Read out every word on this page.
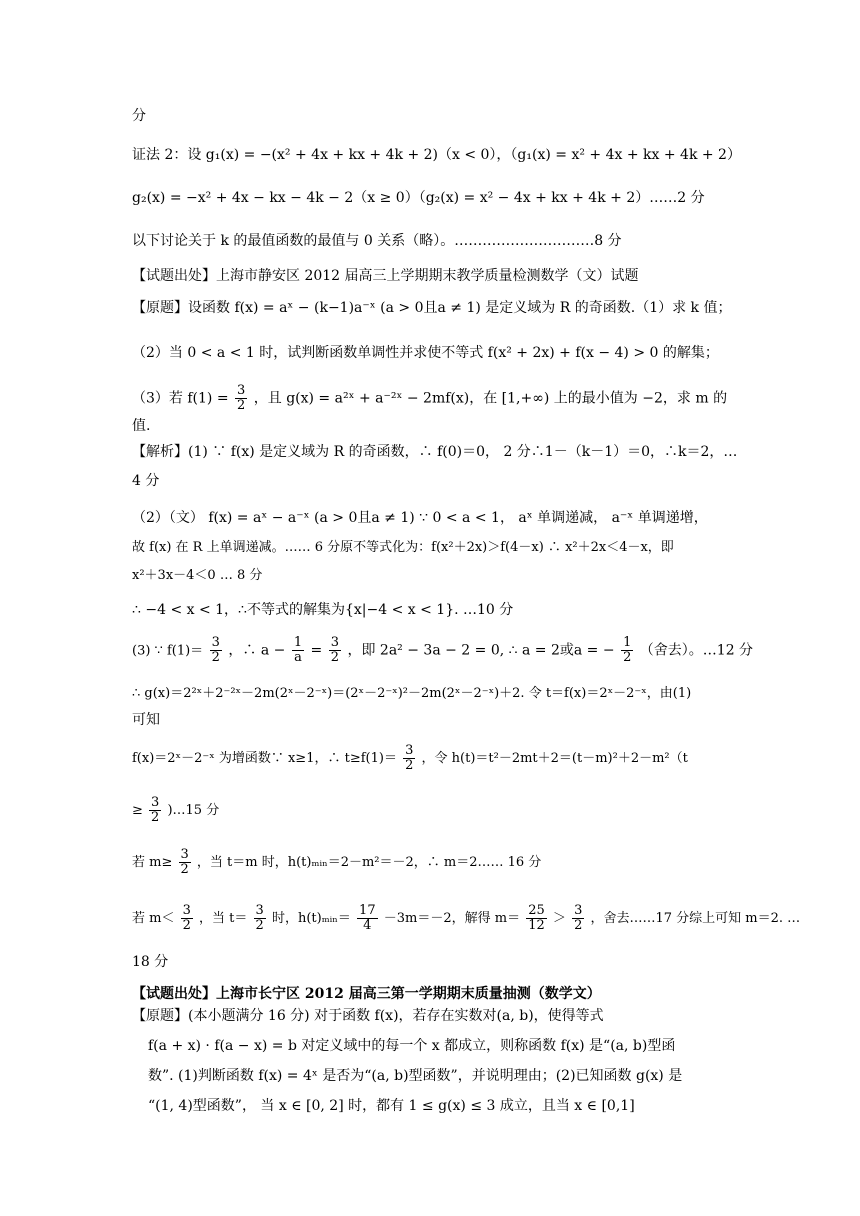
分
证法 2：设 g₁(x) = −(x² + 4x + kx + 4k + 2)（x < 0），（g₁(x) = x² + 4x + kx + 4k + 2）
g₂(x) = −x² + 4x − kx − 4k − 2（x ≥ 0）（g₂(x) = x² − 4x + kx + 4k + 2）……2 分
以下讨论关于 k 的最值函数的最值与 0 关系（略）。…………………………8 分
【试题出处】上海市静安区 2012 届高三上学期期末教学质量检测数学（文）试题
【原题】设函数 f(x) = aˣ − (k−1)a⁻ˣ (a > 0且a ≠ 1) 是定义域为 R 的奇函数.（1）求 k 值；
（2）当 0 < a < 1 时，试判断函数单调性并求使不等式 f(x² + 2x) + f(x − 4) > 0 的解集；
（3）若 $f(1) = \frac{3}{2}$ ，且 g(x) = a²ˣ + a⁻²ˣ − 2mf(x)，在 [1,+∞) 上的最小值为 −2，求 m 的
值.
【解析】(1) ∵ f(x) 是定义域为 R 的奇函数，∴ f(0)＝0， 2 分∴1－（k－1）＝0，∴k＝2，…
4 分
（2）（文） f(x) = aˣ − a⁻ˣ (a > 0且a ≠ 1) ∵ 0 < a < 1， aˣ 单调递减， a⁻ˣ 单调递增，
故 f(x) 在 R 上单调递减。…… 6 分原不等式化为：f(x²＋2x)＞f(4－x) ∴ x²＋2x＜4－x，即
x²＋3x－4＜0 … 8 分
∴ −4 < x < 1，∴不等式的解集为{x|−4 < x < 1}. …10 分
(3) ∵ $f(1)= \frac{3}{2}$ ，∴ $a - \frac{1}{a} = \frac{3}{2}$ ，即 2a² − 3a − 2 = 0, ∴ a = 2或a = − $\frac{1}{2}$ （舍去）。…12 分
∴ g(x)＝2²ˣ＋2⁻²ˣ－2m(2ˣ－2⁻ˣ)＝(2ˣ－2⁻ˣ)²－2m(2ˣ－2⁻ˣ)＋2. 令 t＝f(x)＝2ˣ－2⁻ˣ，由(1)
可知
f(x)＝2ˣ－2⁻ˣ 为增函数∵ x≥1，∴ $t\ge f(1)= \frac{3}{2}$ ，令 h(t)＝t²－2mt＋2＝(t－m)²＋2－m²（t
≥ $\frac{3}{2}$ )…15 分
若 $m\ge \frac{3}{2}$ ，当 t＝m 时，h(t)ₘᵢₙ＝2－m²＝－2，∴ m＝2…… 16 分
若 $m< \frac{3}{2}$ ，当 $t= \frac{3}{2}$ 时，h(t)ₘᵢₙ＝ $\frac{17}{4} -3m=-2$，解得 $m= \frac{25}{12} > \frac{3}{2}$ ，舍去……17 分综上可知 m＝2. …
18 分
【试题出处】上海市长宁区 2012 届高三第一学期期末质量抽测（数学文）
【原题】(本小题满分 16 分) 对于函数 f(x)，若存在实数对(a, b)，使得等式
f(a + x) · f(a − x) = b 对定义域中的每一个 x 都成立，则称函数 f(x) 是“(a, b)型函
数”. (1)判断函数 f(x) = 4ˣ 是否为“(a, b)型函数”，并说明理由；(2)已知函数 g(x) 是
“(1, 4)型函数”， 当 x ∈ [0, 2] 时，都有 1 ≤ g(x) ≤ 3 成立，且当 x ∈ [0,1]
